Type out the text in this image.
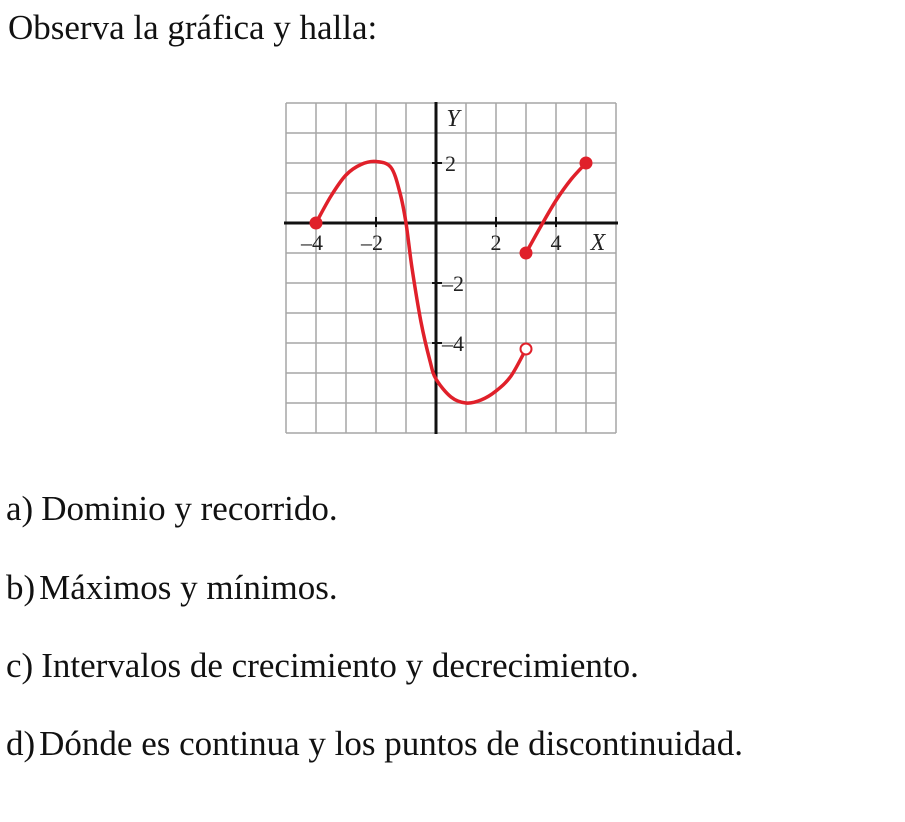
Observa la gráfica y halla:
–4 –2	2 4
2
–2
–4
X
Y

a) Dominio y recorrido.

b) Máximos y mínimos.

c) Intervalos de crecimiento y decrecimiento.

d) Dónde es continua y los puntos de discontinuidad.
